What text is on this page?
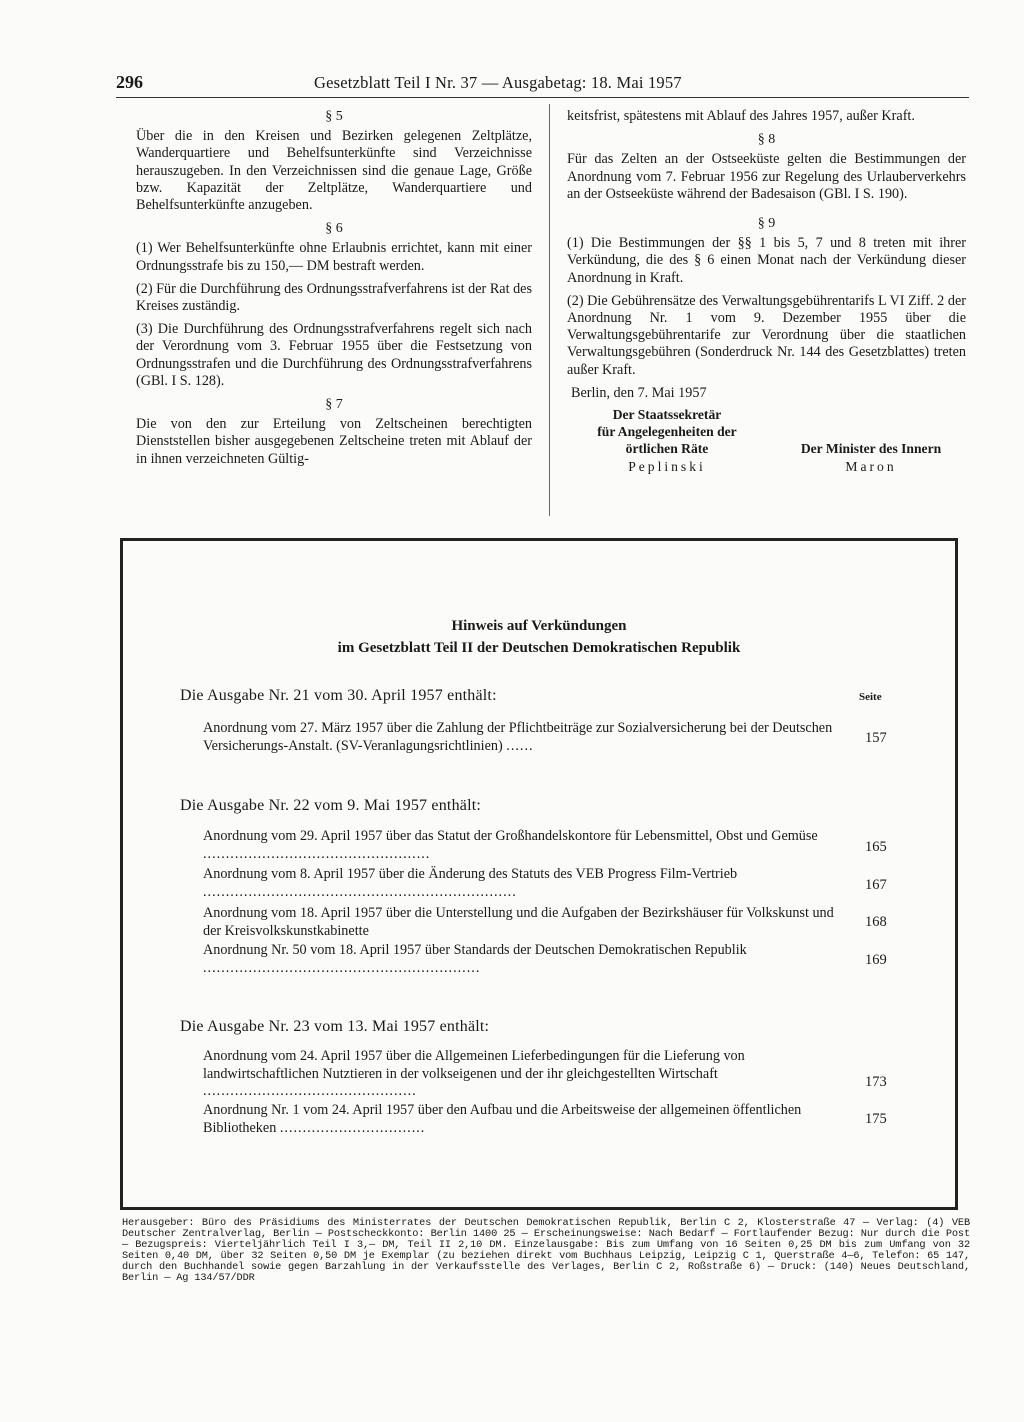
296	Gesetzblatt Teil I Nr. 37 — Ausgabetag: 18. Mai 1957
§ 5

Über die in den Kreisen und Bezirken gelegenen Zeltplätze, Wanderquartiere und Behelfsunterkünfte sind Verzeichnisse herauszugeben. In den Verzeichnissen sind die genaue Lage, Größe bzw. Kapazität der Zeltplätze, Wanderquartiere und Behelfsunterkünfte anzugeben.

§ 6

(1) Wer Behelfsunterkünfte ohne Erlaubnis errichtet, kann mit einer Ordnungsstrafe bis zu 150,— DM bestraft werden.

(2) Für die Durchführung des Ordnungsstrafverfahrens ist der Rat des Kreises zuständig.

(3) Die Durchführung des Ordnungsstrafverfahrens regelt sich nach der Verordnung vom 3. Februar 1955 über die Festsetzung von Ordnungsstrafen und die Durchführung des Ordnungsstrafverfahrens (GBl. I S. 128).

§ 7

Die von den zur Erteilung von Zeltscheinen berechtigten Dienststellen bisher ausgegebenen Zeltscheine treten mit Ablauf der in ihnen verzeichneten Gültig-

keitsfrist, spätestens mit Ablauf des Jahres 1957, außer Kraft.

§ 8

Für das Zelten an der Ostseeküste gelten die Bestimmungen der Anordnung vom 7. Februar 1956 zur Regelung des Urlauberverkehrs an der Ostseeküste während der Badesaison (GBl. I S. 190).

§ 9

(1) Die Bestimmungen der §§ 1 bis 5, 7 und 8 treten mit ihrer Verkündung, die des § 6 einen Monat nach der Verkündung dieser Anordnung in Kraft.

(2) Die Gebührensätze des Verwaltungsgebührentarifs L VI Ziff. 2 der Anordnung Nr. 1 vom 9. Dezember 1955 über die Verwaltungsgebührentarife zur Verordnung über die staatlichen Verwaltungsgebühren (Sonderdruck Nr. 144 des Gesetzblattes) treten außer Kraft.

Berlin, den 7. Mai 1957
Der Staatssekretär
für Angelegenheiten der
örtlichen Räte
Peplinski
Der Minister des Innern
Maron
Hinweis auf Verkündungen
im Gesetzblatt Teil II der Deutschen Demokratischen Republik
Seite
Die Ausgabe Nr. 21 vom 30. April 1957 enthält:
Anordnung vom 27. März 1957 über die Zahlung der Pflichtbeiträge zur Sozialversicherung bei der Deutschen Versicherungs-Anstalt. (SV-Veranlagungsrichtlinien) ......	157
Die Ausgabe Nr. 22 vom 9. Mai 1957 enthält:
Anordnung vom 29. April 1957 über das Statut der Großhandelskontore für Lebensmittel, Obst und Gemüse ..................................................	165
Anordnung vom 8. April 1957 über die Änderung des Statuts des VEB Progress Film-Vertrieb .....................................................................	167
Anordnung vom 18. April 1957 über die Unterstellung und die Aufgaben der Bezirkshäuser für Volkskunst und der Kreisvolkskunstkabinette
168
Anordnung Nr. 50 vom 18. April 1957 über Standards der Deutschen Demokratischen Republik .............................................................	169
Die Ausgabe Nr. 23 vom 13. Mai 1957 enthält:
Anordnung vom 24. April 1957 über die Allgemeinen Lieferbedingungen für die Lieferung von landwirtschaftlichen Nutztieren in der volkseigenen und der ihr gleichgestellten Wirtschaft ...............................................
173
Anordnung Nr. 1 vom 24. April 1957 über den Aufbau und die Arbeitsweise der allgemeinen öffentlichen Bibliotheken ................................
175
Herausgeber: Büro des Präsidiums des Ministerrates der Deutschen Demokratischen Republik, Berlin C 2, Klosterstraße 47 — Verlag: (4) VEB Deutscher Zentralverlag, Berlin — Postscheckkonto: Berlin 1400 25 — Erscheinungsweise: Nach Bedarf — Fortlaufender Bezug: Nur durch die Post — Bezugspreis: Vierteljährlich Teil I 3,— DM, Teil II 2,10 DM. Einzelausgabe: Bis zum Umfang von 16 Seiten 0,25 DM bis zum Umfang von 32 Seiten 0,40 DM, über 32 Seiten 0,50 DM je Exemplar (zu beziehen direkt vom Buchhaus Leipzig, Leipzig C 1, Querstraße 4—6, Telefon: 65 147, durch den Buchhandel sowie gegen Barzahlung in der Verkaufsstelle des Verlages, Berlin C 2, Roßstraße 6) — Druck: (140) Neues Deutschland, Berlin — Ag 134/57/DDR
